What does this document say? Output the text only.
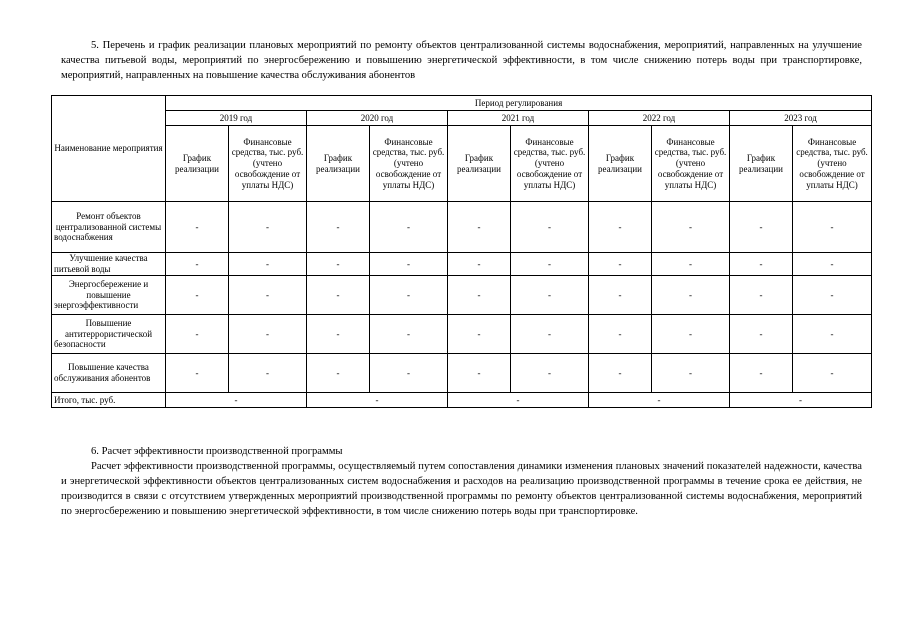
5. Перечень и график реализации плановых мероприятий по ремонту объектов централизованной системы водоснабжения, мероприятий, направленных на улучшение качества питьевой воды, мероприятий по энергосбережению и повышению энергетической эффективности, в том числе снижению потерь воды при транспортировке, мероприятий, направленных на повышение качества обслуживания абонентов

Наименование мероприятия	Период регулирования									
	2019 год		2020 год		2021 год		2022 год		2023 год	
	График реализации	Финансовые средства, тыс. руб. (учтено освобождение от уплаты НДС)	График реализации	Финансовые средства, тыс. руб. (учтено освобождение от уплаты НДС)	График реализации	Финансовые средства, тыс. руб. (учтено освобождение от уплаты НДС)	График реализации	Финансовые средства, тыс. руб. (учтено освобождение от уплаты НДС)	График реализации	Финансовые средства, тыс. руб. (учтено освобождение от уплаты НДС)
Ремонт объектов централизованной системы водоснабжения	-	-	-	-	-	-	-	-	-	-
Улучшение качества питьевой воды	-	-	-	-	-	-	-	-	-	-
Энергосбережение и повышение энергоэффективности	-	-	-	-	-	-	-	-	-	-
Повышение антитеррористической безопасности	-	-	-	-	-	-	-	-	-	-
Повышение качества обслуживания абонентов	-	-	-	-	-	-	-	-	-	-
Итого, тыс. руб.	-		-		-		-		-	
6. Расчет эффективности производственной программы

Расчет эффективности производственной программы, осуществляемый путем сопоставления динамики изменения плановых значений показателей надежности, качества и энергетической эффективности объектов централизованных систем водоснабжения и расходов на реализацию производственной программы в течение срока ее действия, не производится в связи с отсутствием утвержденных мероприятий производственной программы по ремонту объектов централизованной системы водоснабжения, мероприятий по энергосбережению и повышению энергетической эффективности, в том числе снижению потерь воды при транспортировке.
